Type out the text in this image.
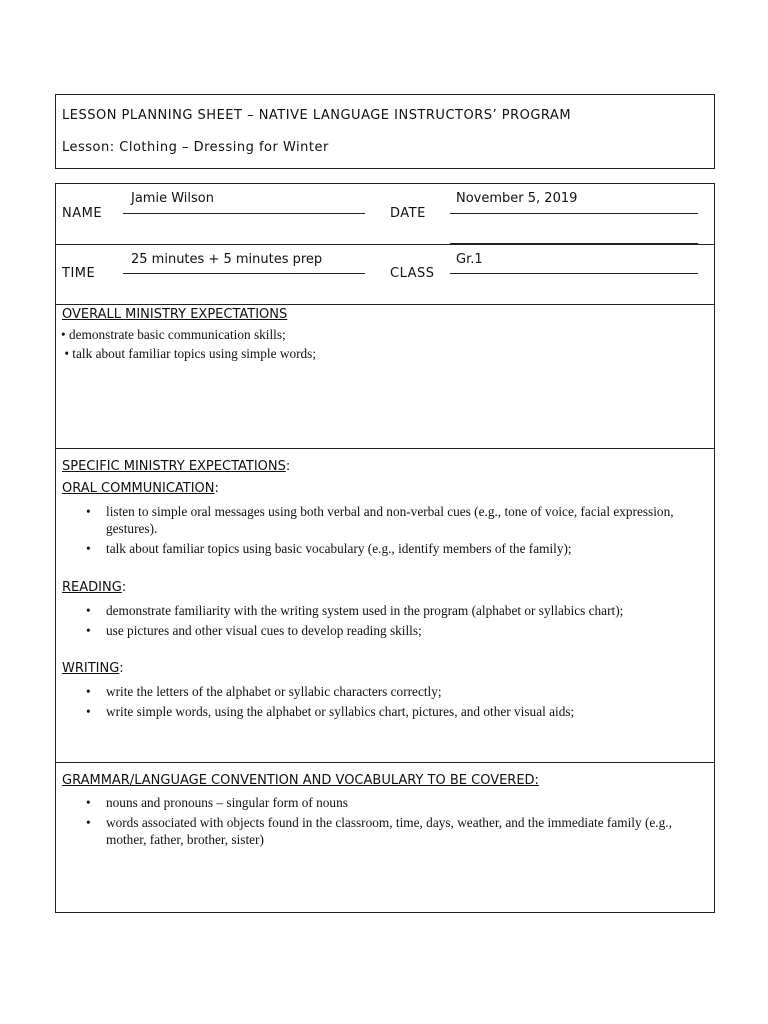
LESSON PLANNING SHEET – NATIVE LANGUAGE INSTRUCTORS’ PROGRAM
Lesson: Clothing – Dressing for Winter
Jamie Wilson
NAME
November 5, 2019
DATE
25 minutes + 5 minutes prep
TIME
Gr.1
CLASS
OVERALL MINISTRY EXPECTATIONS
• demonstrate basic communication skills;
• talk about familiar topics using simple words;
SPECIFIC MINISTRY EXPECTATIONS:
ORAL COMMUNICATION:
• listen to simple oral messages using both verbal and non-verbal cues (e.g., tone of voice, facial expression, gestures).
• talk about familiar topics using basic vocabulary (e.g., identify members of the family);
READING:
• demonstrate familiarity with the writing system used in the program (alphabet or syllabics chart);
• use pictures and other visual cues to develop reading skills;
WRITING:
• write the letters of the alphabet or syllabic characters correctly;
• write simple words, using the alphabet or syllabics chart, pictures, and other visual aids;
GRAMMAR/LANGUAGE CONVENTION AND VOCABULARY TO BE COVERED:
• nouns and pronouns – singular form of nouns
• words associated with objects found in the classroom, time, days, weather, and the immediate family (e.g., mother, father, brother, sister)
